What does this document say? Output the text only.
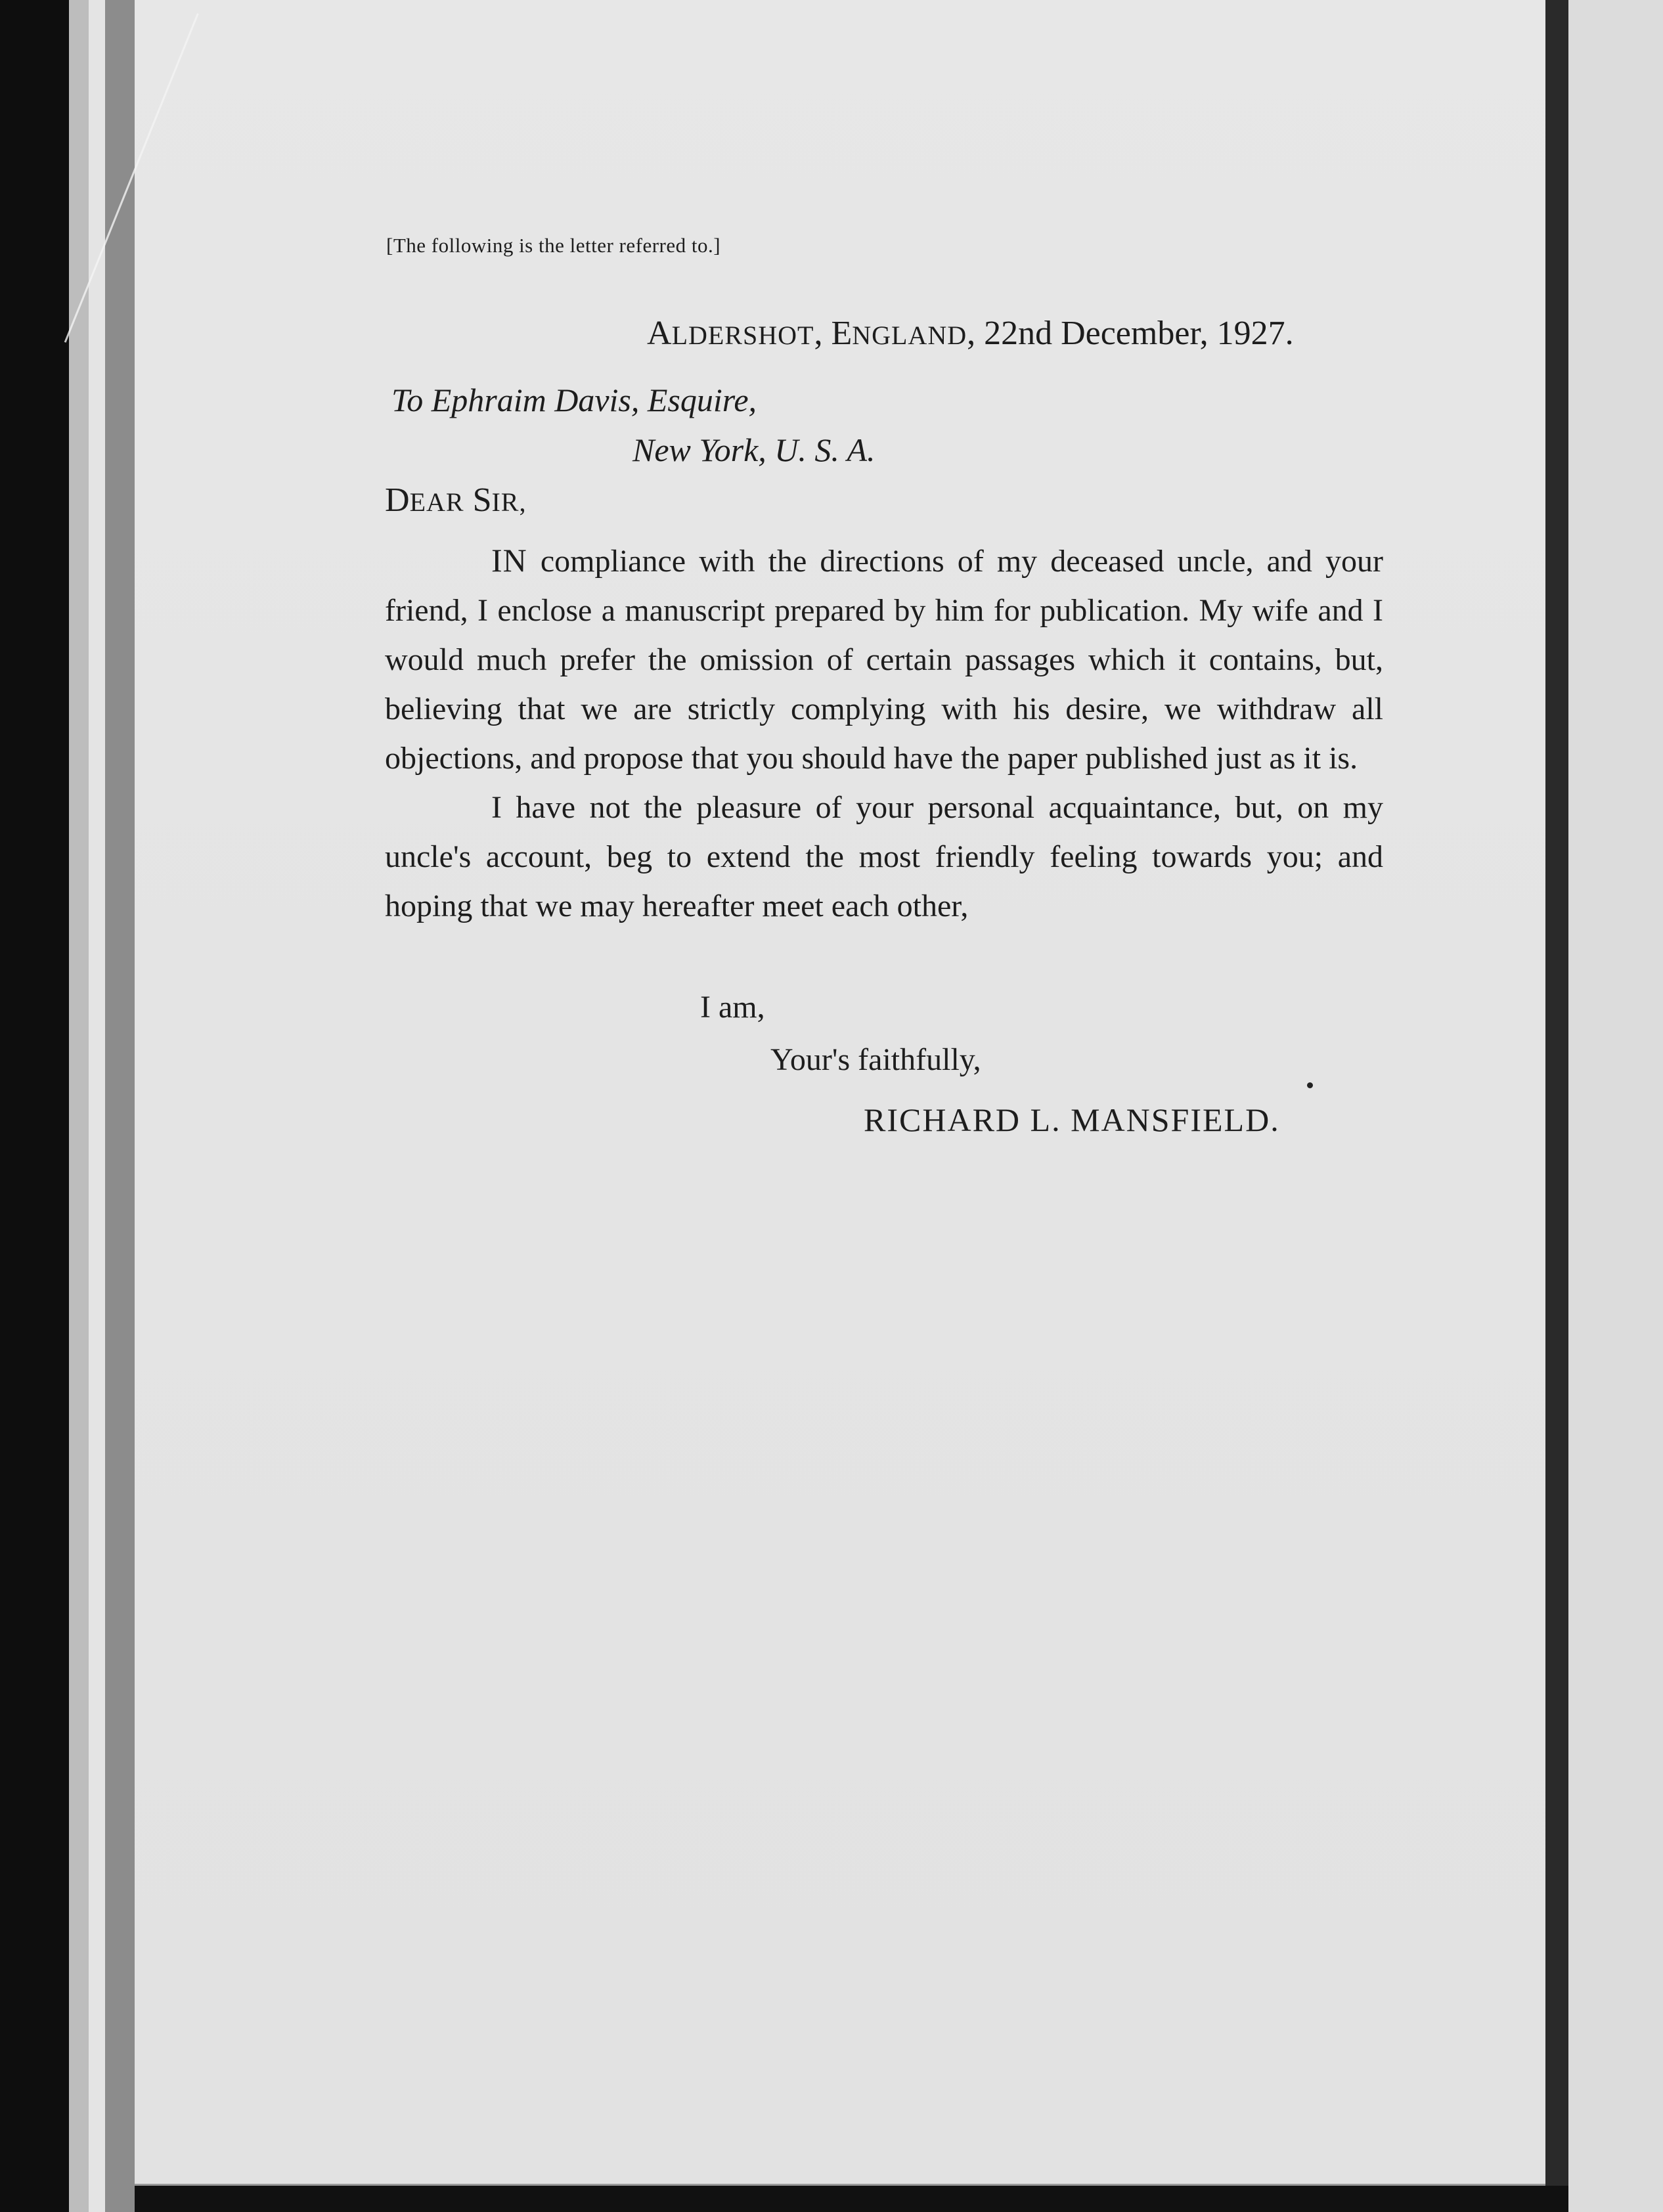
[The following is the letter referred to.]
ALDERSHOT, ENGLAND, 22nd December, 1927.
To Ephraim Davis, Esquire,
New York, U. S. A.
DEAR SIR,

IN compliance with the directions of my deceased uncle, and your friend, I enclose a manuscript prepared by him for publication. My wife and I would much prefer the omission of certain passages which it contains, but, believing that we are strictly complying with his desire, we withdraw all objections, and propose that you should have the paper published just as it is.

I have not the pleasure of your personal acquaintance, but, on my uncle's account, beg to extend the most friendly feeling towards you; and hoping that we may hereafter meet each other,

I am,
Your's faithfully,
RICHARD L. MANSFIELD.
